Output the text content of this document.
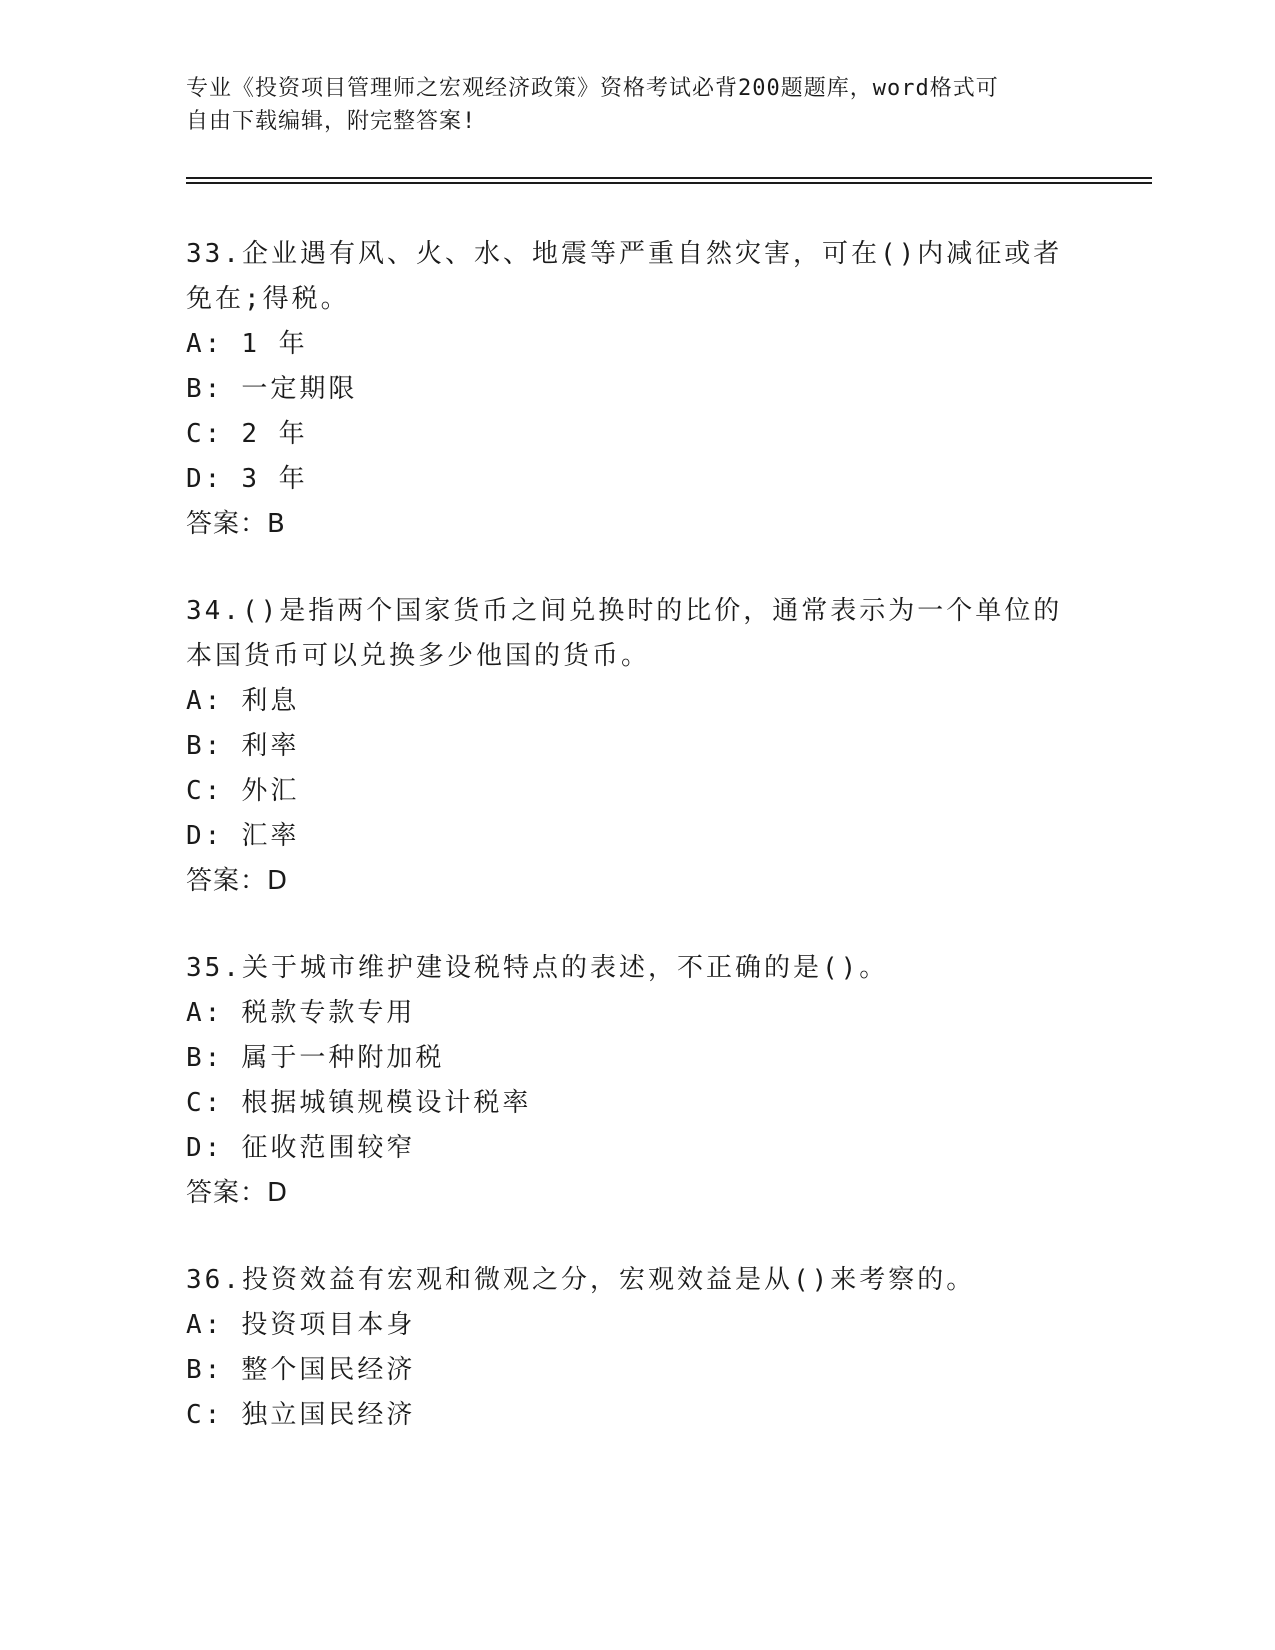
专业《投资项目管理师之宏观经济政策》资格考试必背200题题库，word格式可
自由下载编辑，附完整答案!

33.企业遇有风、火、水、地震等严重自然灾害，可在()内减征或者免在;得税。

A :	1 年

B :	一定期限

C :	2 年

D :	3 年

答案：B

34.()是指两个国家货币之间兑换时的比价，通常表示为一个单位的本国货币可以兑换多少他国的货币。

A :	利息

B :	利率

C :	外汇

D :	汇率

答案：D

35.关于城市维护建设税特点的表述，不正确的是()。

A :	税款专款专用

B :	属于一种附加税

C :	根据城镇规模设计税率

D :	征收范围较窄

答案：D

36.投资效益有宏观和微观之分，宏观效益是从()来考察的。

A :	投资项目本身

B :	整个国民经济

C :	独立国民经济
